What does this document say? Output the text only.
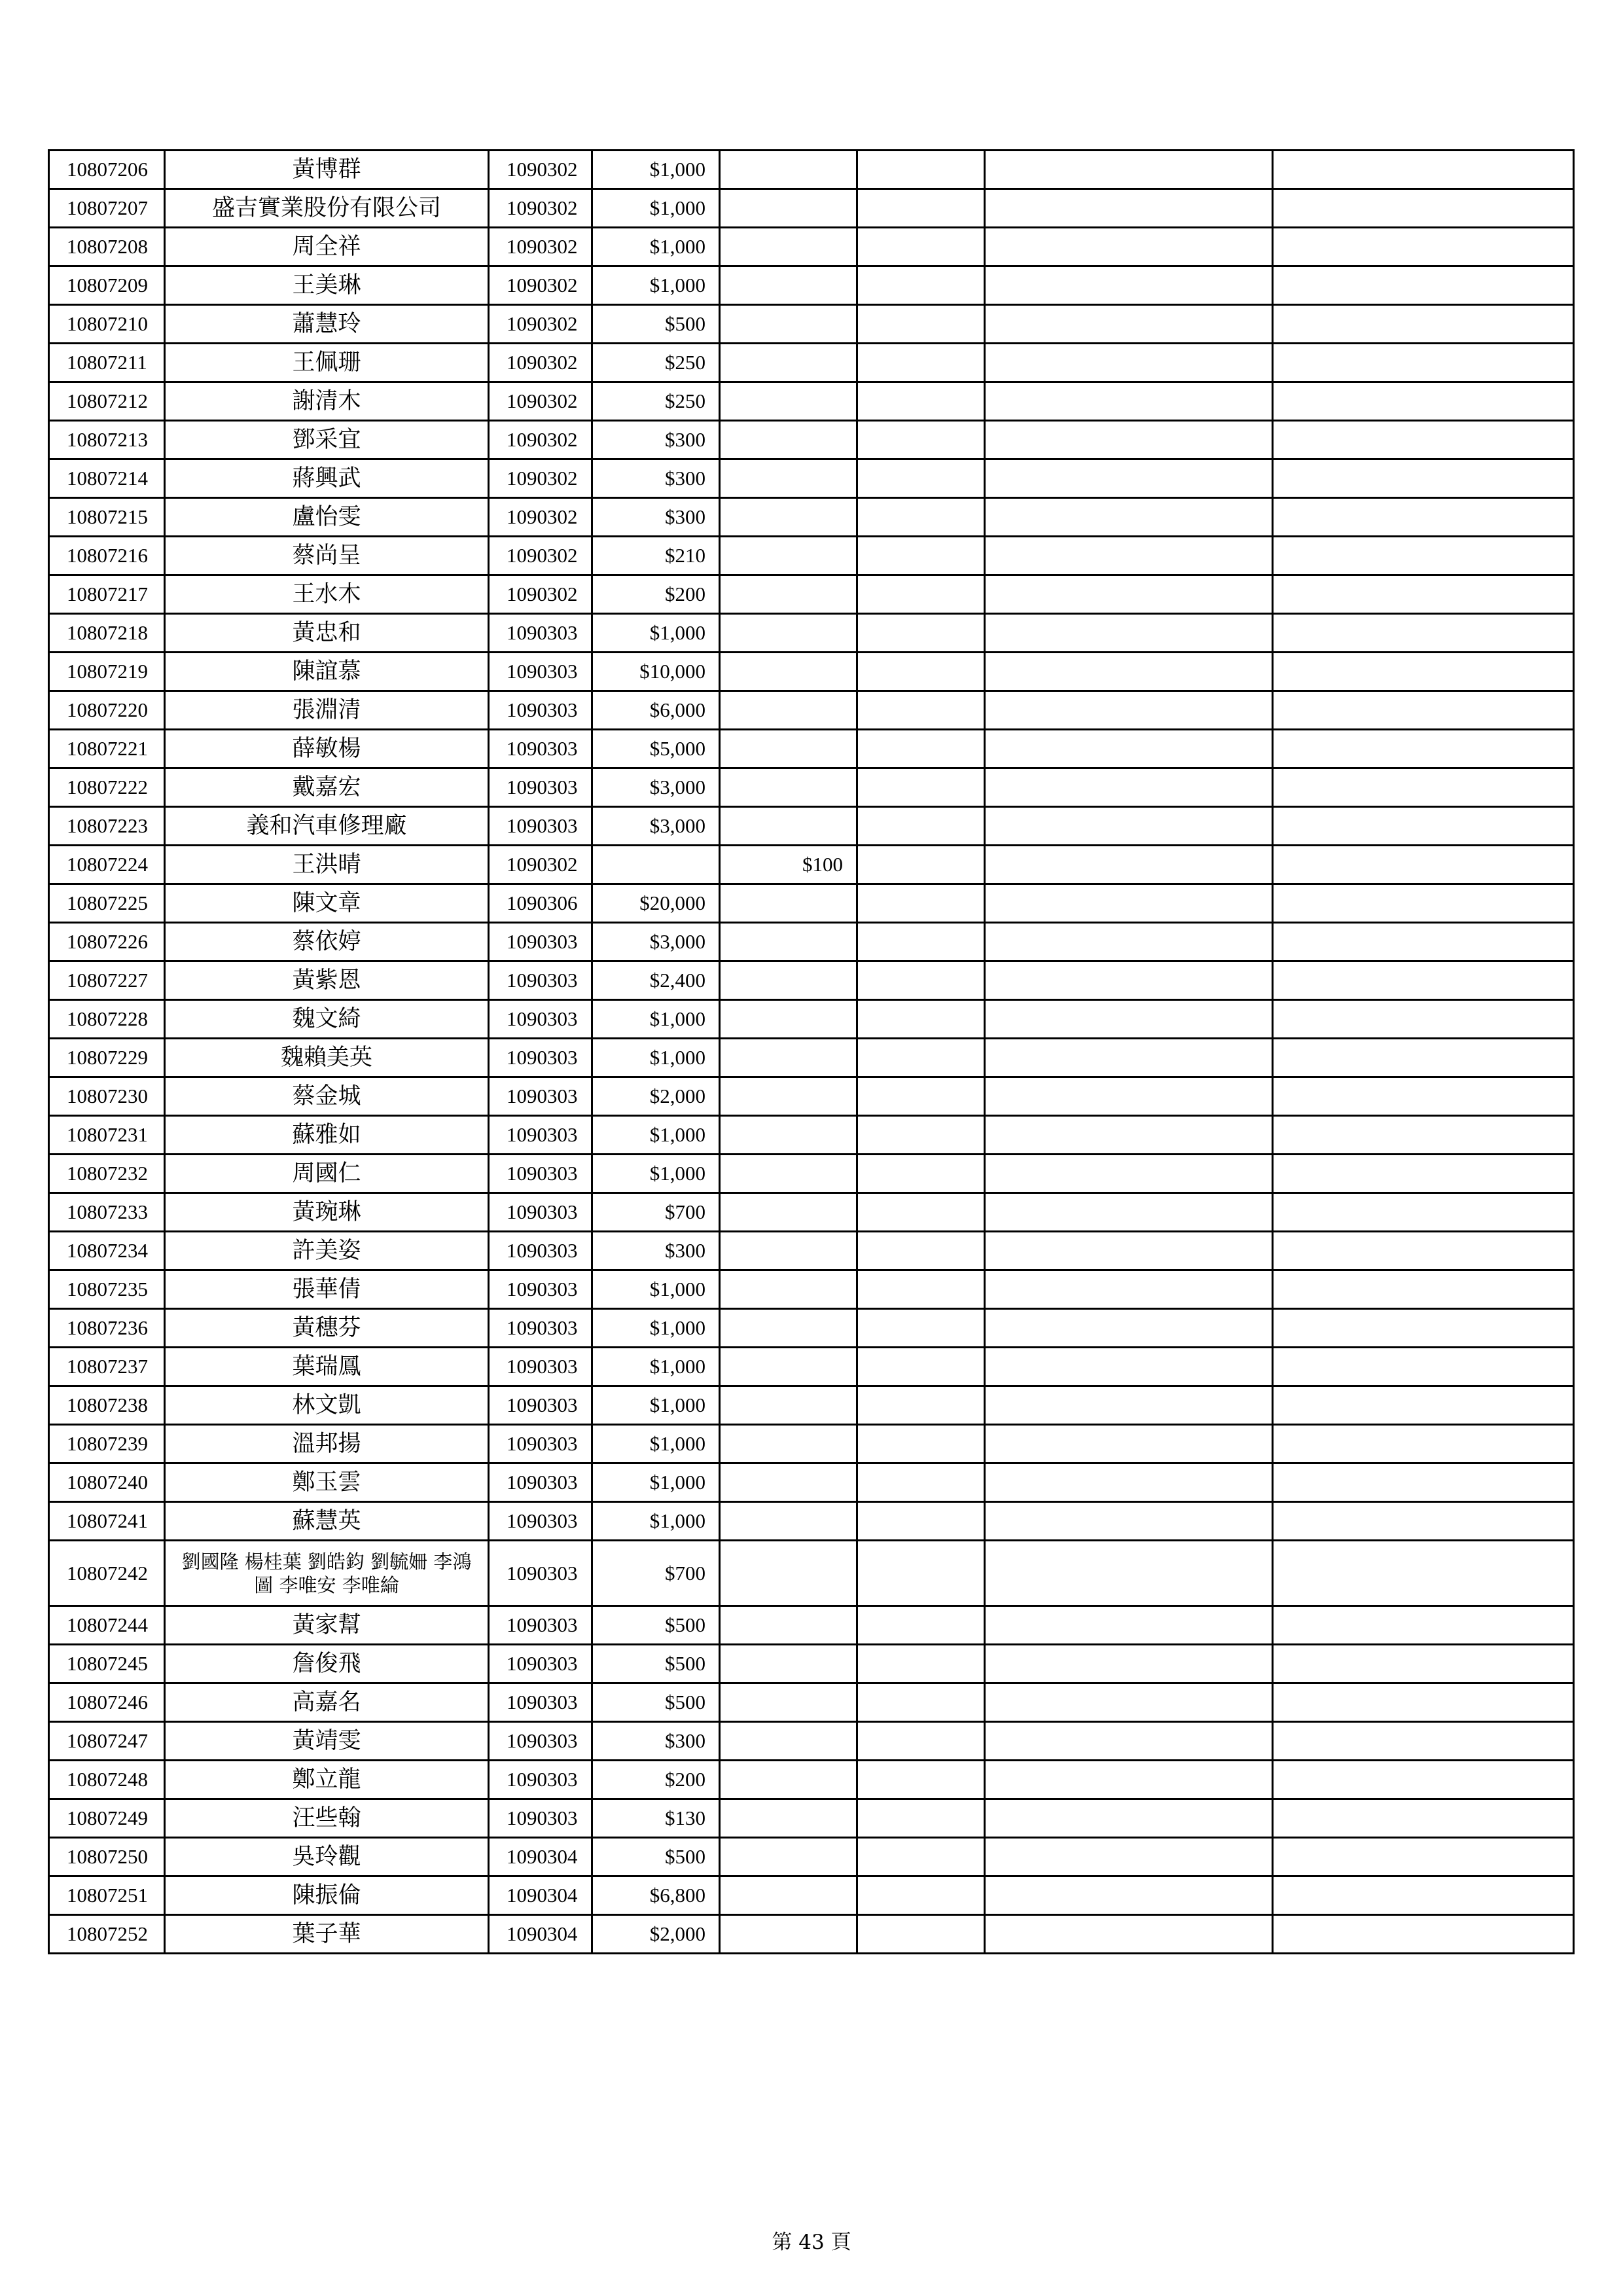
10807206	黃博群	1090302	$1,000				
10807207	盛吉實業股份有限公司	1090302	$1,000				
10807208	周全祥	1090302	$1,000				
10807209	王美琳	1090302	$1,000				
10807210	蕭慧玲	1090302	$500				
10807211	王佩珊	1090302	$250				
10807212	謝清木	1090302	$250				
10807213	鄧采宜	1090302	$300				
10807214	蔣興武	1090302	$300				
10807215	盧怡雯	1090302	$300				
10807216	蔡尚呈	1090302	$210				
10807217	王水木	1090302	$200				
10807218	黃忠和	1090303	$1,000				
10807219	陳誼慕	1090303	$10,000				
10807220	張淵清	1090303	$6,000				
10807221	薛敏楊	1090303	$5,000				
10807222	戴嘉宏	1090303	$3,000				
10807223	義和汽車修理廠	1090303	$3,000				
10807224	王洪晴	1090302		$100			
10807225	陳文章	1090306	$20,000				
10807226	蔡依婷	1090303	$3,000				
10807227	黃紫恩	1090303	$2,400				
10807228	魏文綺	1090303	$1,000				
10807229	魏賴美英	1090303	$1,000				
10807230	蔡金城	1090303	$2,000				
10807231	蘇雅如	1090303	$1,000				
10807232	周國仁	1090303	$1,000				
10807233	黃琬琳	1090303	$700				
10807234	許美姿	1090303	$300				
10807235	張華倩	1090303	$1,000				
10807236	黃穗芬	1090303	$1,000				
10807237	葉瑞鳳	1090303	$1,000				
10807238	林文凱	1090303	$1,000				
10807239	溫邦揚	1090303	$1,000				
10807240	鄭玉雲	1090303	$1,000				
10807241	蘇慧英	1090303	$1,000				
10807242	劉國隆 楊桂葉 劉皓鈞 劉毓姍 李鴻圖 李唯安 李唯綸	1090303	$700				
10807244	黃家幫	1090303	$500				
10807245	詹俊飛	1090303	$500				
10807246	高嘉名	1090303	$500				
10807247	黃靖雯	1090303	$300				
10807248	鄭立龍	1090303	$200				
10807249	汪些翰	1090303	$130				
10807250	吳玲觀	1090304	$500				
10807251	陳振倫	1090304	$6,800				
10807252	葉子華	1090304	$2,000				
第 43 頁
